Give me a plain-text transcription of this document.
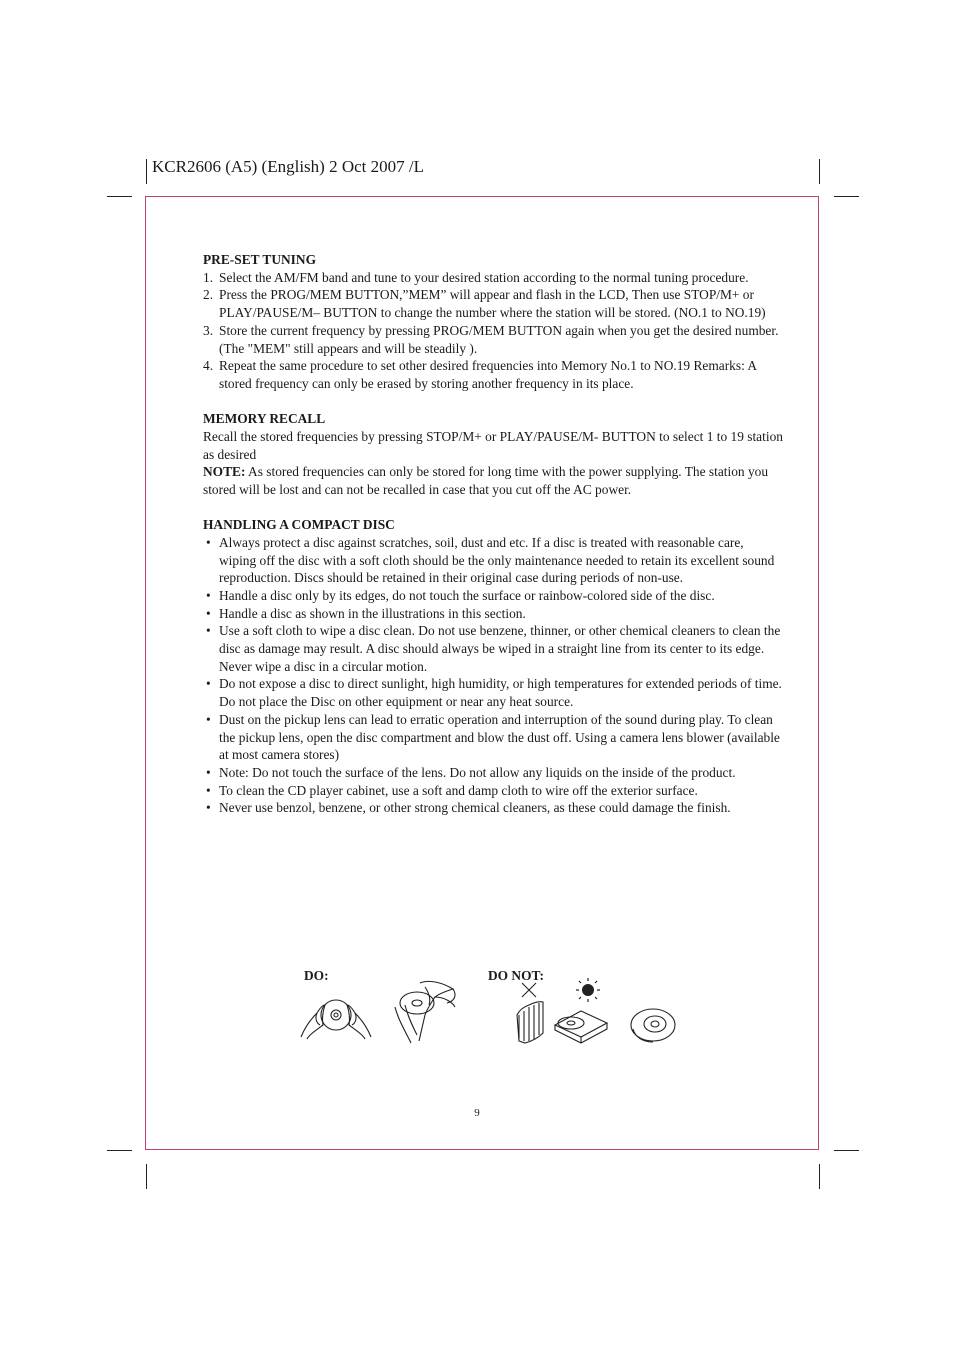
KCR2606 (A5) (English) 2 Oct 2007 /L
PRE-SET TUNING
1. Select the AM/FM band and tune to your desired station according to the normal tuning procedure.
2. Press the PROG/MEM BUTTON,”MEM” will appear and flash in the LCD, Then use STOP/M+ or PLAY/PAUSE/M– BUTTON to change the number where the station will be stored. (NO.1 to NO.19)
3. Store the current frequency by pressing PROG/MEM BUTTON again when you get the desired number. (The "MEM" still appears and will be steadily ).
4. Repeat the same procedure to set other desired frequencies into Memory No.1 to NO.19 Remarks: A stored frequency can only be erased by storing another frequency in its place.
MEMORY RECALL

Recall the stored frequencies by pressing STOP/M+ or PLAY/PAUSE/M- BUTTON to select 1 to 19 station as desired

NOTE: As stored frequencies can only be stored for long time with the power supplying. The station you stored will be lost and can not be recalled in case that you cut off the AC power.

HANDLING A COMPACT DISC
• Always protect a disc against scratches, soil, dust and etc. If a disc is treated with reasonable care, wiping off the disc with a soft cloth should be the only maintenance needed to retain its excellent sound reproduction. Discs should be retained in their original case during periods of non-use.
• Handle a disc only by its edges, do not touch the surface or rainbow-colored side of the disc.
• Handle a disc as shown in the illustrations in this section.
• Use a soft cloth to wipe a disc clean. Do not use benzene, thinner, or other chemical cleaners to clean the disc as damage may result. A disc should always be wiped in a straight line from its center to its edge. Never wipe a disc in a circular motion.
• Do not expose a disc to direct sunlight, high humidity, or high temperatures for extended periods of time. Do not place the Disc on other equipment or near any heat source.
• Dust on the pickup lens can lead to erratic operation and interruption of the sound during play. To clean the pickup lens, open the disc compartment and blow the dust off. Using a camera lens blower (available at most camera stores)
• Note: Do not touch the surface of the lens. Do not allow any liquids on the inside of the product.
• To clean the CD player cabinet, use a soft and damp cloth to wire off the exterior surface.
• Never use benzol, benzene, or other strong chemical cleaners, as these could damage the finish.
DO:	DO NOT:
9
